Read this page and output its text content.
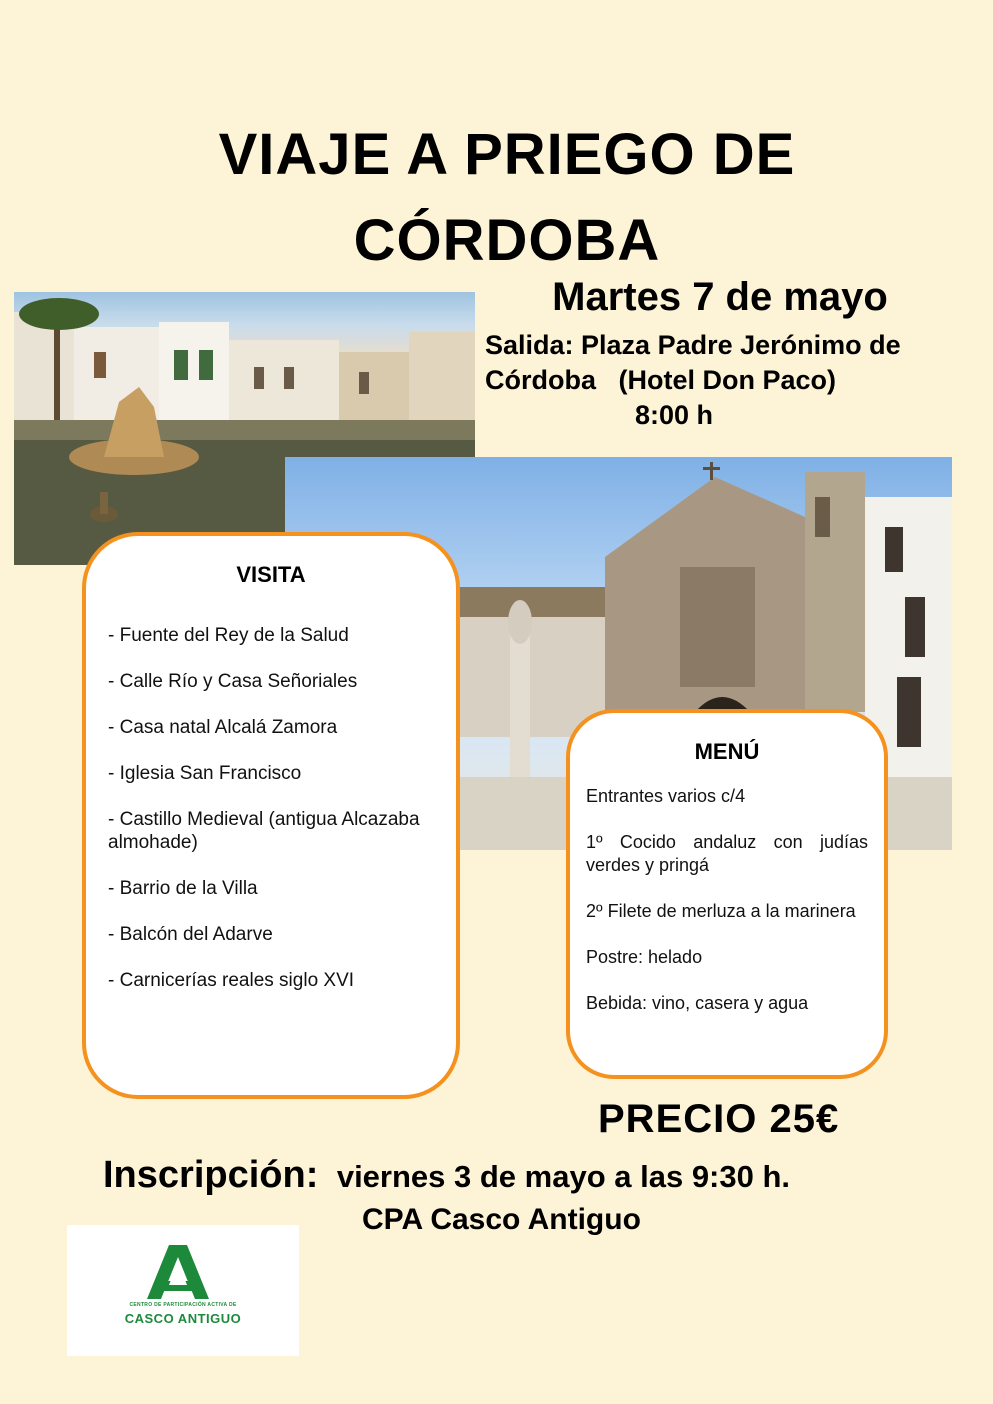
VIAJE A PRIEGO DE
CÓRDOBA
Martes 7 de mayo
Salida: Plaza Padre Jerónimo de
Córdoba   (Hotel Don Paco)
8:00 h
VISITA
- Fuente del Rey de la Salud
- Calle Río y Casa Señoriales
- Casa natal Alcalá Zamora
- Iglesia San Francisco
- Castillo Medieval (antigua Alcazaba almohade)
- Barrio de la Villa
- Balcón del Adarve
- Carnicerías reales siglo XVI
MENÚ
Entrantes varios c/4
1º Cocido andaluz con judías verdes y pringá
2º Filete de merluza a la marinera
Postre: helado
Bebida: vino, casera y agua
PRECIO 25€
Inscripción: viernes 3 de mayo a las 9:30 h.
CPA Casco Antiguo
CENTRO DE PARTICIPACIÓN ACTIVA DE
CASCO ANTIGUO
